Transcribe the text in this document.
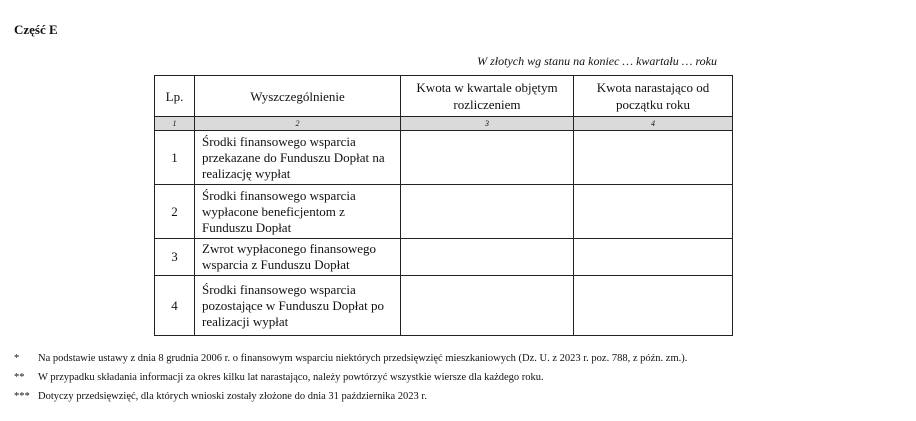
Część E
W złotych wg stanu na koniec … kwartału … roku
Lp.	Wyszczególnienie	Kwota w kwartale objętym rozliczeniem	Kwota narastająco od początku roku
1	2	3	4
1	Środki finansowego wsparcia przekazane do Funduszu Dopłat na realizację wypłat		
2	Środki finansowego wsparcia wypłacone beneficjentom z Funduszu Dopłat		
3	Zwrot wypłaconego finansowego wsparcia z Funduszu Dopłat		
4	Środki finansowego wsparcia pozostające w Funduszu Dopłat po realizacji wypłat		
*	Na podstawie ustawy z dnia 8 grudnia 2006 r. o finansowym wsparciu niektórych przedsięwzięć mieszkaniowych (Dz. U. z 2023 r. poz. 788, z późn. zm.).
**	W przypadku składania informacji za okres kilku lat narastająco, należy powtórzyć wszystkie wiersze dla każdego roku.
*** Dotyczy przedsięwzięć, dla których wnioski zostały złożone do dnia 31 października 2023 r.
